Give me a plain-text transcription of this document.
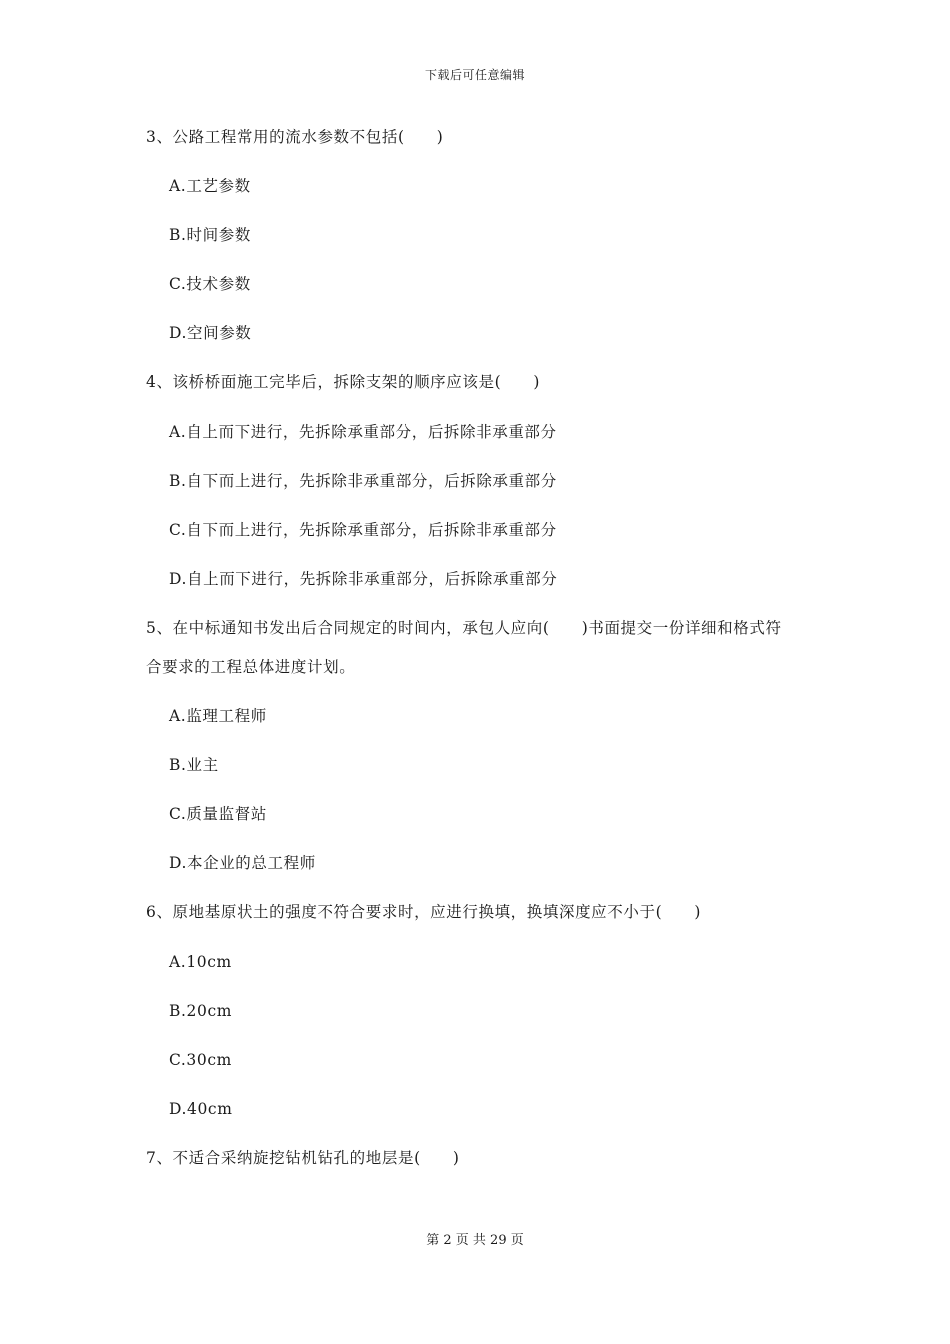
下载后可任意编辑
3、公路工程常用的流水参数不包括(　　)
A.工艺参数
B.时间参数
C.技术参数
D.空间参数
4、该桥桥面施工完毕后，拆除支架的顺序应该是(　　)
A.自上而下进行，先拆除承重部分，后拆除非承重部分
B.自下而上进行，先拆除非承重部分，后拆除承重部分
C.自下而上进行，先拆除承重部分，后拆除非承重部分
D.自上而下进行，先拆除非承重部分，后拆除承重部分
5、在中标通知书发出后合同规定的时间内，承包人应向(　　)书面提交一份详细和格式符
合要求的工程总体进度计划。
A.监理工程师
B.业主
C.质量监督站
D.本企业的总工程师
6、原地基原状土的强度不符合要求时，应进行换填，换填深度应不小于(　　)
A.10cm
B.20cm
C.30cm
D.40cm
7、不适合采纳旋挖钻机钻孔的地层是(　　)
第 2 页 共 29 页
